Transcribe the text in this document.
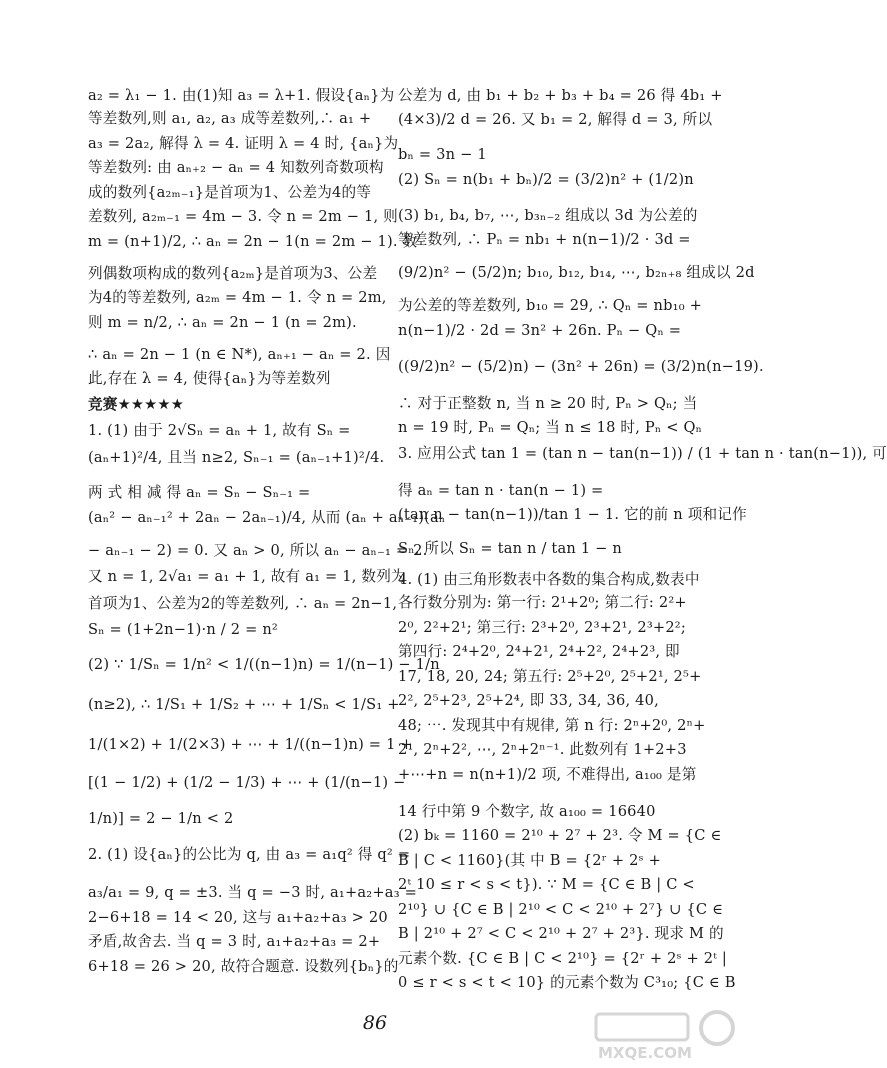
a₂ = λ₁ − 1. 由(1)知 a₃ = λ+1. 假设{aₙ}为
等差数列,则 a₁, a₂, a₃ 成等差数列,∴ a₁ +
a₃ = 2a₂, 解得 λ = 4. 证明 λ = 4 时, {aₙ}为
等差数列: 由 aₙ₊₂ − aₙ = 4 知数列奇数项构
成的数列{a₂ₘ₋₁}是首项为1、公差为4的等
差数列, a₂ₘ₋₁ = 4m − 3. 令 n = 2m − 1, 则
m = (n+1)/2, ∴ aₙ = 2n − 1(n = 2m − 1). 数
列偶数项构成的数列{a₂ₘ}是首项为3、公差
为4的等差数列, a₂ₘ = 4m − 1. 令 n = 2m,
则 m = n/2, ∴ aₙ = 2n − 1 (n = 2m).
∴ aₙ = 2n − 1 (n ∈ N*), aₙ₊₁ − aₙ = 2. 因
此,存在 λ = 4, 使得{aₙ}为等差数列
竞赛★★★★★
1. (1) 由于 2√Sₙ = aₙ + 1, 故有 Sₙ =
(aₙ+1)²/4, 且当 n≥2, Sₙ₋₁ = (aₙ₋₁+1)²/4.
两 式 相 减 得 aₙ = Sₙ − Sₙ₋₁ =
(aₙ² − aₙ₋₁² + 2aₙ − 2aₙ₋₁)/4, 从而 (aₙ + aₙ₋₁)(aₙ
− aₙ₋₁ − 2) = 0. 又 aₙ > 0, 所以 aₙ − aₙ₋₁ = 2.
又 n = 1, 2√a₁ = a₁ + 1, 故有 a₁ = 1, 数列为
首项为1、公差为2的等差数列, ∴ aₙ = 2n−1,
Sₙ = (1+2n−1)·n / 2 = n²
(2) ∵ 1/Sₙ = 1/n² < 1/((n−1)n) = 1/(n−1) − 1/n
(n≥2), ∴ 1/S₁ + 1/S₂ + ⋯ + 1/Sₙ < 1/S₁ +
1/(1×2) + 1/(2×3) + ⋯ + 1/((n−1)n) = 1 +
[(1 − 1/2) + (1/2 − 1/3) + ⋯ + (1/(n−1) −
1/n)] = 2 − 1/n < 2
2. (1) 设{aₙ}的公比为 q, 由 a₃ = a₁q² 得 q² =
a₃/a₁ = 9, q = ±3. 当 q = −3 时, a₁+a₂+a₃ =
2−6+18 = 14 < 20, 这与 a₁+a₂+a₃ > 20
矛盾,故舍去. 当 q = 3 时, a₁+a₂+a₃ = 2+
6+18 = 26 > 20, 故符合题意. 设数列{bₙ}的
公差为 d, 由 b₁ + b₂ + b₃ + b₄ = 26 得 4b₁ +
(4×3)/2 d = 26. 又 b₁ = 2, 解得 d = 3, 所以
bₙ = 3n − 1
(2) Sₙ = n(b₁ + bₙ)/2 = (3/2)n² + (1/2)n
(3) b₁, b₄, b₇, ⋯, b₃ₙ₋₂ 组成以 3d 为公差的
等差数列, ∴ Pₙ = nb₁ + n(n−1)/2 · 3d =
(9/2)n² − (5/2)n; b₁₀, b₁₂, b₁₄, ⋯, b₂ₙ₊₈ 组成以 2d
为公差的等差数列, b₁₀ = 29, ∴ Qₙ = nb₁₀ +
n(n−1)/2 · 2d = 3n² + 26n. Pₙ − Qₙ =
((9/2)n² − (5/2)n) − (3n² + 26n) = (3/2)n(n−19).
∴ 对于正整数 n, 当 n ≥ 20 时, Pₙ > Qₙ; 当
n = 19 时, Pₙ = Qₙ; 当 n ≤ 18 时, Pₙ < Qₙ
3. 应用公式 tan 1 = (tan n − tan(n−1)) / (1 + tan n · tan(n−1)), 可
得 aₙ = tan n · tan(n − 1) =
(tan n − tan(n−1))/tan 1 − 1. 它的前 n 项和记作
Sₙ, 所以 Sₙ = tan n / tan 1 − n
4. (1) 由三角形数表中各数的集合构成,数表中
各行数分别为: 第一行: 2¹+2⁰; 第二行: 2²+
2⁰, 2²+2¹; 第三行: 2³+2⁰, 2³+2¹, 2³+2²;
第四行: 2⁴+2⁰, 2⁴+2¹, 2⁴+2², 2⁴+2³, 即
17, 18, 20, 24; 第五行: 2⁵+2⁰, 2⁵+2¹, 2⁵+
2², 2⁵+2³, 2⁵+2⁴, 即 33, 34, 36, 40,
48; ⋯. 发现其中有规律, 第 n 行: 2ⁿ+2⁰, 2ⁿ+
2¹, 2ⁿ+2², ⋯, 2ⁿ+2ⁿ⁻¹. 此数列有 1+2+3
+⋯+n = n(n+1)/2 项, 不难得出, a₁₀₀ 是第
14 行中第 9 个数字, 故 a₁₀₀ = 16640
(2) bₖ = 1160 = 2¹⁰ + 2⁷ + 2³. 令 M = {C ∈
B | C < 1160}(其 中 B = {2ʳ + 2ˢ +
2ᵗ 10 ≤ r < s < t}). ∵ M = {C ∈ B | C <
2¹⁰} ∪ {C ∈ B | 2¹⁰ < C < 2¹⁰ + 2⁷} ∪ {C ∈
B | 2¹⁰ + 2⁷ < C < 2¹⁰ + 2⁷ + 2³}. 现求 M 的
元素个数. {C ∈ B | C < 2¹⁰} = {2ʳ + 2ˢ + 2ᵗ |
0 ≤ r < s < t < 10} 的元素个数为 C³₁₀; {C ∈ B
86
MXQE.COM
